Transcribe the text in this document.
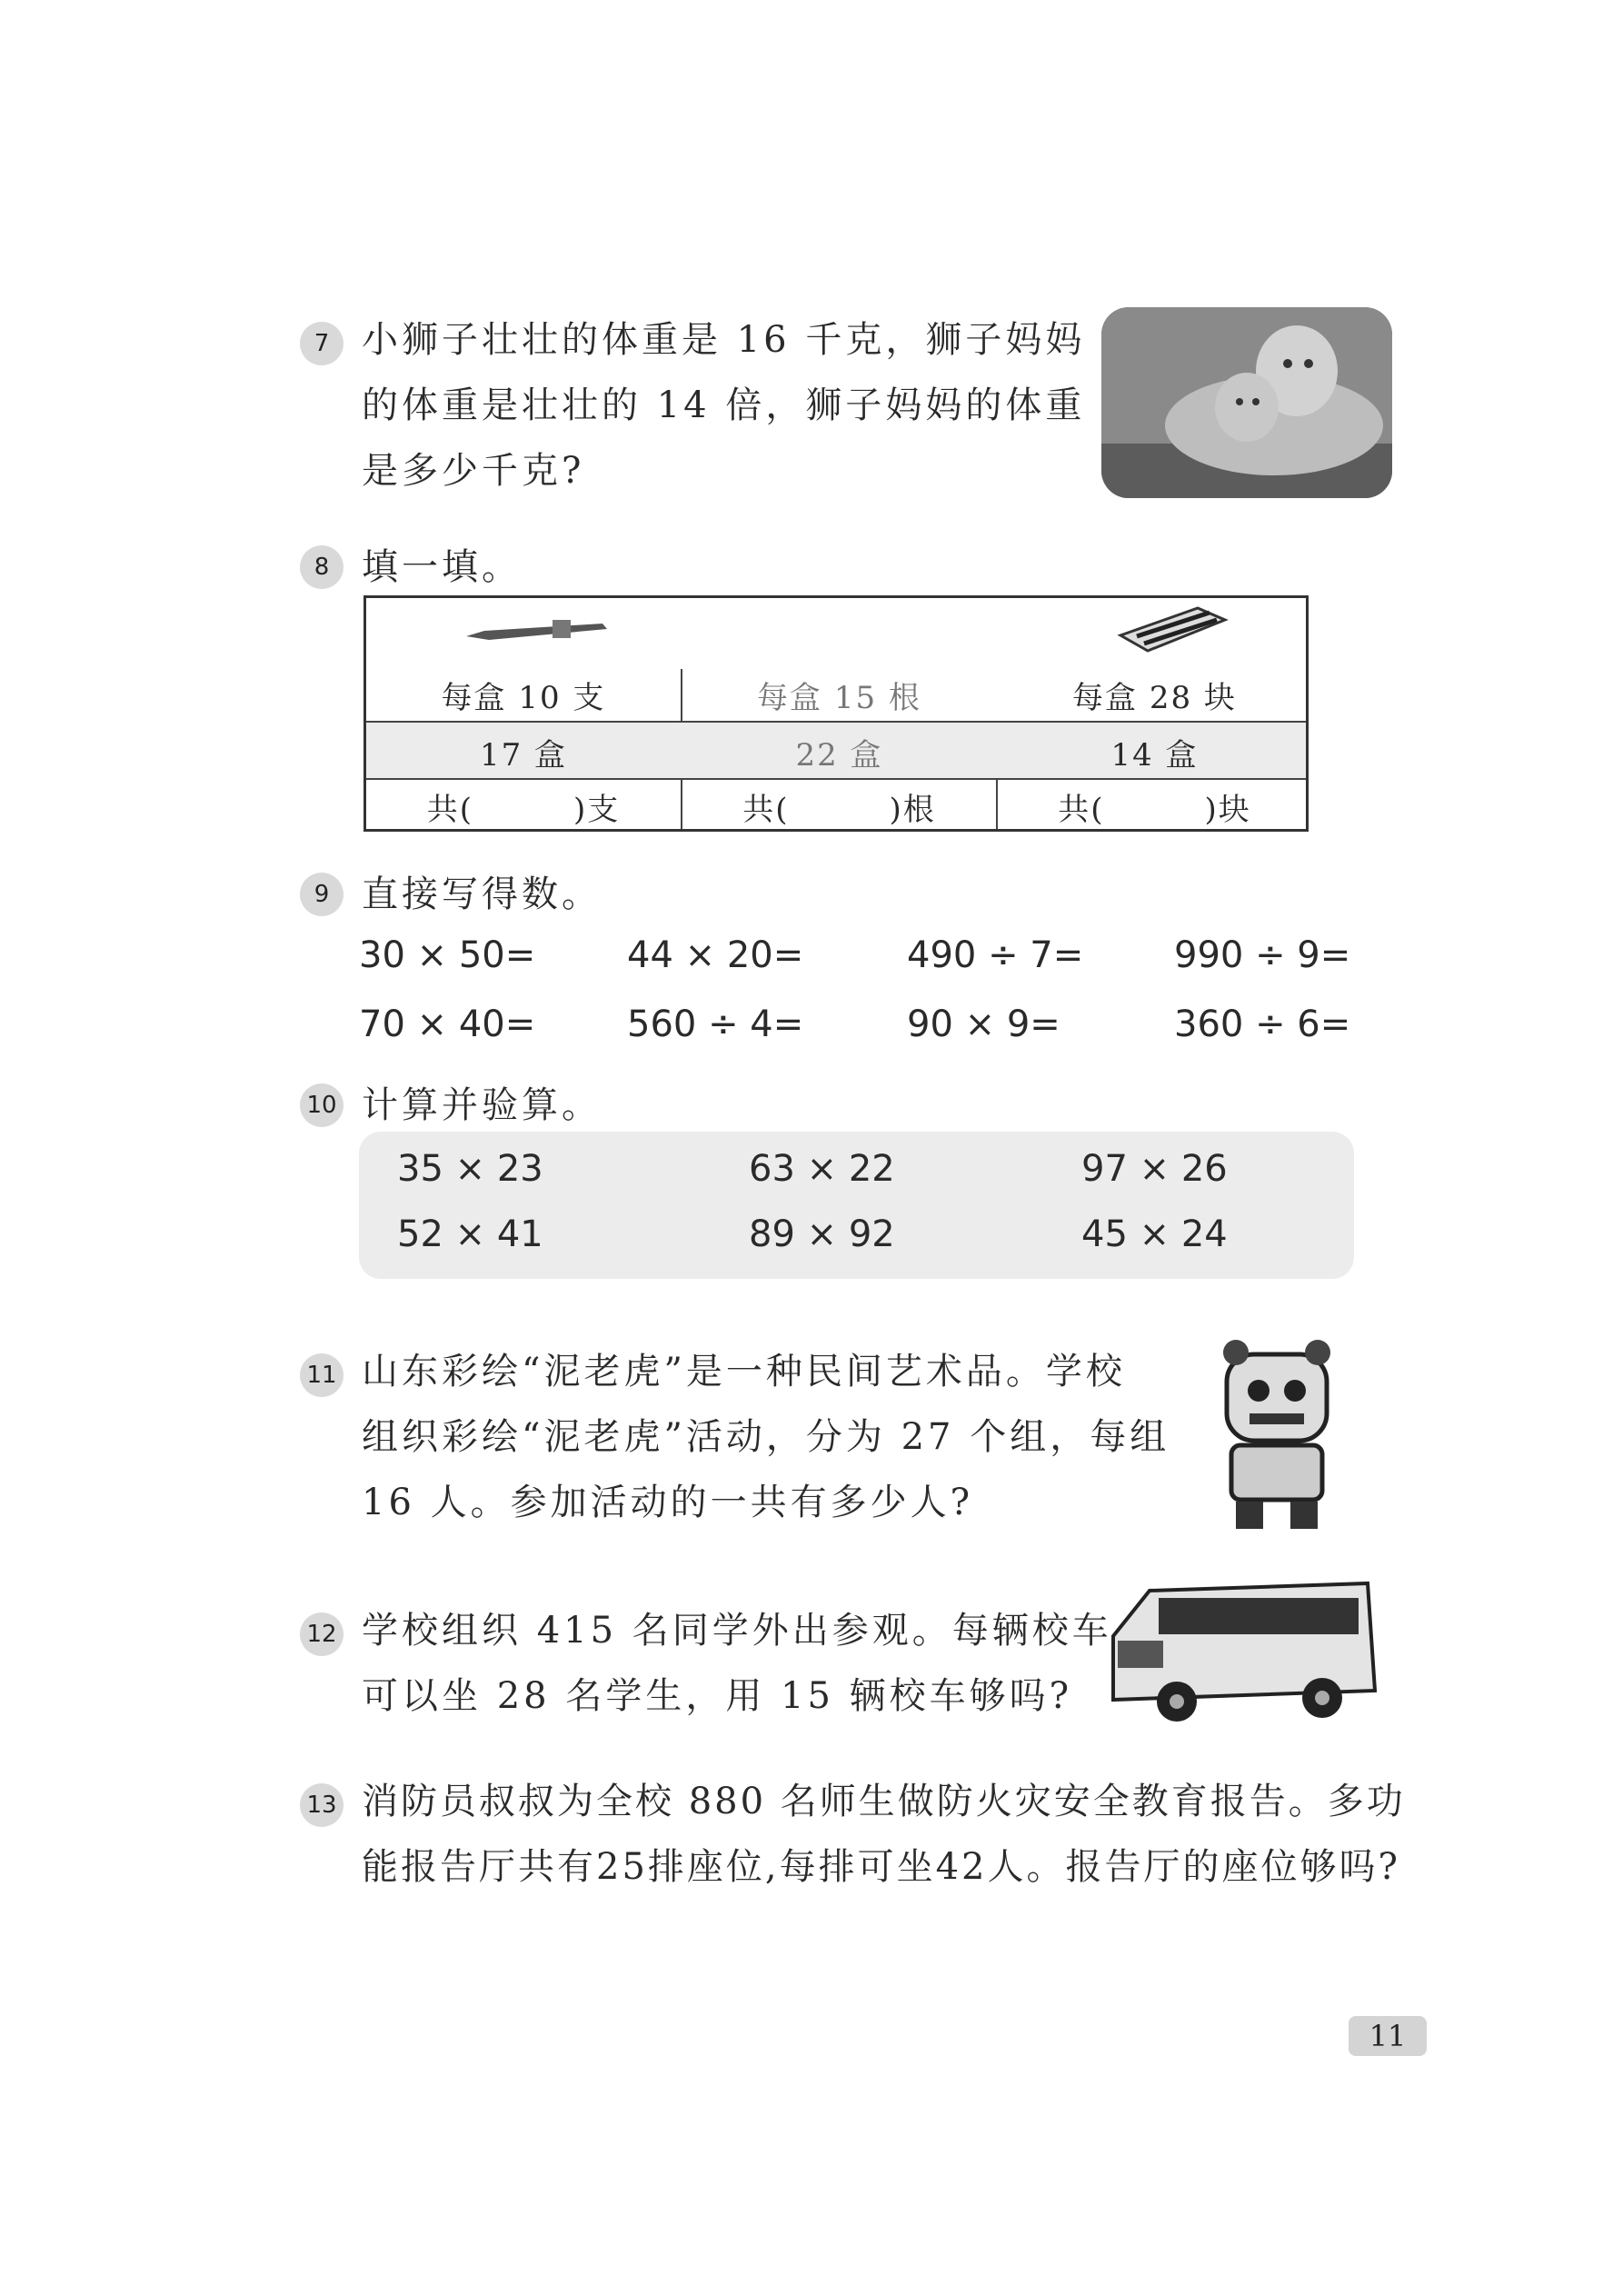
7 小狮子壮壮的体重是 16 千克，狮子妈妈
的体重是壮壮的 14 倍，狮子妈妈的体重
是多少千克?
8 填一填。
每盒 10 支	每盒 15 根	每盒 28 块
17 盒	22 盒	14 盒
共(	)支	共(	)根	共(	)块
9 直接写得数。
30 × 50=	44 × 20=	490 ÷ 7= 990 ÷ 9=
70 × 40=	560 ÷ 4=	90 × 9=	360 ÷ 6=
10 计算并验算。
35 × 23	63 × 22	97 × 26
52 × 41	89 × 92	45 × 24
11 山东彩绘“泥老虎”是一种民间艺术品。学校
组织彩绘“泥老虎”活动，分为 27 个组，每组
16 人。参加活动的一共有多少人?
12 学校组织 415 名同学外出参观。每辆校车
可以坐 28 名学生，用 15 辆校车够吗?
13 消防员叔叔为全校 880 名师生做防火灾安全教育报告。多功
能报告厅共有25排座位,每排可坐42人。报告厅的座位够吗?
11
